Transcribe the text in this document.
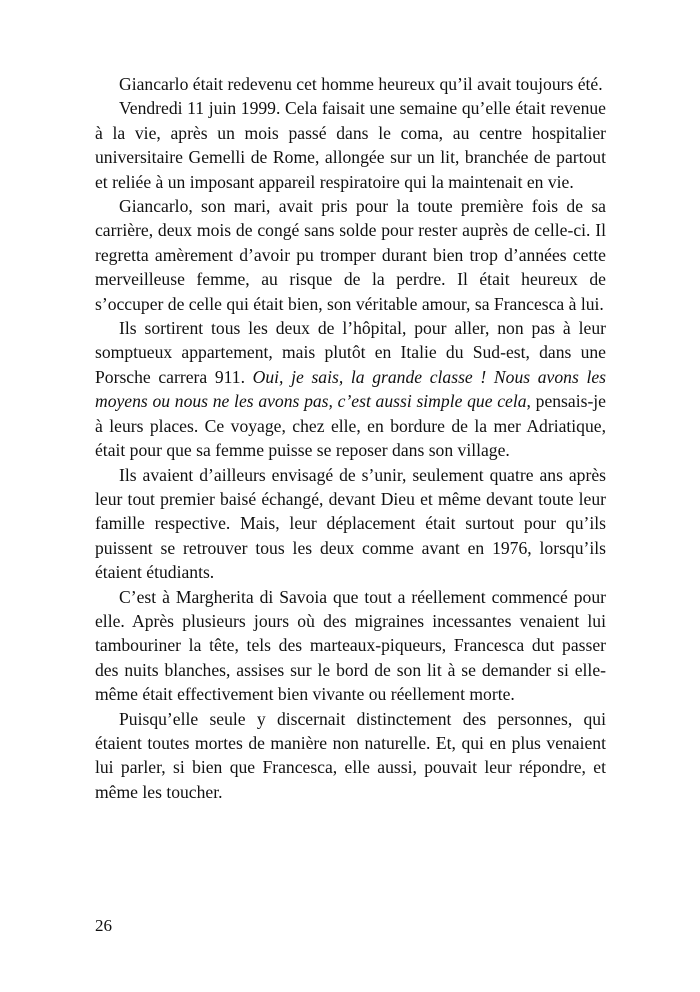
Giancarlo était redevenu cet homme heureux qu’il avait toujours été.

Vendredi 11 juin 1999. Cela faisait une semaine qu’elle était revenue à la vie, après un mois passé dans le coma, au centre hospitalier universitaire Gemelli de Rome, allongée sur un lit, branchée de partout et reliée à un imposant appareil respiratoire qui la maintenait en vie.

Giancarlo, son mari, avait pris pour la toute première fois de sa carrière, deux mois de congé sans solde pour rester auprès de celle-ci. Il regretta amèrement d’avoir pu tromper durant bien trop d’années cette merveilleuse femme, au risque de la perdre. Il était heureux de s’occuper de celle qui était bien, son véritable amour, sa Francesca à lui.

Ils sortirent tous les deux de l’hôpital, pour aller, non pas à leur somptueux appartement, mais plutôt en Italie du Sud-est, dans une Porsche carrera 911. Oui, je sais, la grande classe ! Nous avons les moyens ou nous ne les avons pas, c’est aussi simple que cela, pensais-je à leurs places. Ce voyage, chez elle, en bordure de la mer Adriatique, était pour que sa femme puisse se reposer dans son village.

Ils avaient d’ailleurs envisagé de s’unir, seulement quatre ans après leur tout premier baisé échangé, devant Dieu et même devant toute leur famille respective. Mais, leur déplacement était surtout pour qu’ils puissent se retrouver tous les deux comme avant en 1976, lorsqu’ils étaient étudiants.

C’est à Margherita di Savoia que tout a réellement commencé pour elle. Après plusieurs jours où des migraines incessantes venaient lui tambouriner la tête, tels des marteaux-piqueurs, Francesca dut passer des nuits blanches, assises sur le bord de son lit à se demander si elle-même était effectivement bien vivante ou réellement morte.

Puisqu’elle seule y discernait distinctement des personnes, qui étaient toutes mortes de manière non naturelle. Et, qui en plus venaient lui parler, si bien que Francesca, elle aussi, pouvait leur répondre, et même les toucher.

26
